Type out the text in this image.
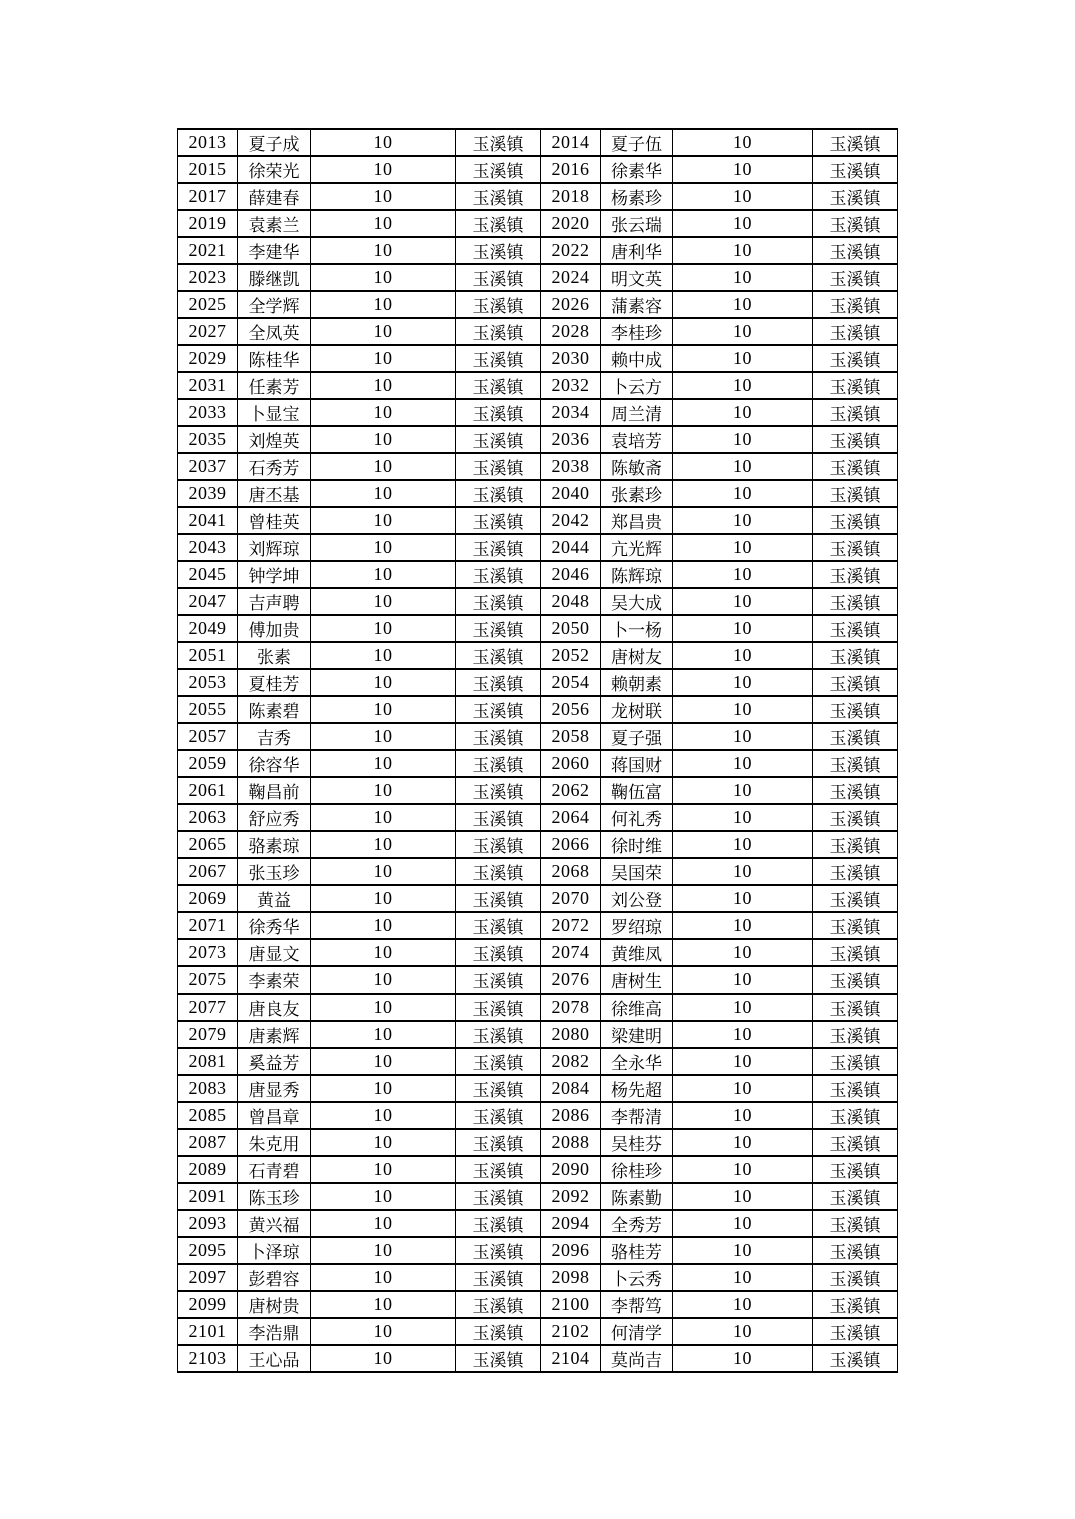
2013	夏子成	10	玉溪镇	2014	夏子伍	10	玉溪镇
2015	徐荣光	10	玉溪镇	2016	徐素华	10	玉溪镇
2017	薛建春	10	玉溪镇	2018	杨素珍	10	玉溪镇
2019	袁素兰	10	玉溪镇	2020	张云瑞	10	玉溪镇
2021	李建华	10	玉溪镇	2022	唐利华	10	玉溪镇
2023	滕继凯	10	玉溪镇	2024	明文英	10	玉溪镇
2025	全学辉	10	玉溪镇	2026	蒲素容	10	玉溪镇
2027	全凤英	10	玉溪镇	2028	李桂珍	10	玉溪镇
2029	陈桂华	10	玉溪镇	2030	赖中成	10	玉溪镇
2031	任素芳	10	玉溪镇	2032	卜云方	10	玉溪镇
2033	卜显宝	10	玉溪镇	2034	周兰清	10	玉溪镇
2035	刘煌英	10	玉溪镇	2036	袁培芳	10	玉溪镇
2037	石秀芳	10	玉溪镇	2038	陈敏斋	10	玉溪镇
2039	唐丕基	10	玉溪镇	2040	张素珍	10	玉溪镇
2041	曾桂英	10	玉溪镇	2042	郑昌贵	10	玉溪镇
2043	刘辉琼	10	玉溪镇	2044	亢光辉	10	玉溪镇
2045	钟学坤	10	玉溪镇	2046	陈辉琼	10	玉溪镇
2047	吉声聘	10	玉溪镇	2048	吴大成	10	玉溪镇
2049	傅加贵	10	玉溪镇	2050	卜一杨	10	玉溪镇
2051	张素	10	玉溪镇	2052	唐树友	10	玉溪镇
2053	夏桂芳	10	玉溪镇	2054	赖朝素	10	玉溪镇
2055	陈素碧	10	玉溪镇	2056	龙树联	10	玉溪镇
2057	吉秀	10	玉溪镇	2058	夏子强	10	玉溪镇
2059	徐容华	10	玉溪镇	2060	蒋国财	10	玉溪镇
2061	鞠昌前	10	玉溪镇	2062	鞠伍富	10	玉溪镇
2063	舒应秀	10	玉溪镇	2064	何礼秀	10	玉溪镇
2065	骆素琼	10	玉溪镇	2066	徐时维	10	玉溪镇
2067	张玉珍	10	玉溪镇	2068	吴国荣	10	玉溪镇
2069	黄益	10	玉溪镇	2070	刘公登	10	玉溪镇
2071	徐秀华	10	玉溪镇	2072	罗绍琼	10	玉溪镇
2073	唐显文	10	玉溪镇	2074	黄维凤	10	玉溪镇
2075	李素荣	10	玉溪镇	2076	唐树生	10	玉溪镇
2077	唐良友	10	玉溪镇	2078	徐维高	10	玉溪镇
2079	唐素辉	10	玉溪镇	2080	梁建明	10	玉溪镇
2081	奚益芳	10	玉溪镇	2082	全永华	10	玉溪镇
2083	唐显秀	10	玉溪镇	2084	杨先超	10	玉溪镇
2085	曾昌章	10	玉溪镇	2086	李帮清	10	玉溪镇
2087	朱克用	10	玉溪镇	2088	吴桂芬	10	玉溪镇
2089	石青碧	10	玉溪镇	2090	徐桂珍	10	玉溪镇
2091	陈玉珍	10	玉溪镇	2092	陈素勤	10	玉溪镇
2093	黄兴福	10	玉溪镇	2094	全秀芳	10	玉溪镇
2095	卜泽琼	10	玉溪镇	2096	骆桂芳	10	玉溪镇
2097	彭碧容	10	玉溪镇	2098	卜云秀	10	玉溪镇
2099	唐树贵	10	玉溪镇	2100	李帮笃	10	玉溪镇
2101	李浩鼎	10	玉溪镇	2102	何清学	10	玉溪镇
2103	王心品	10	玉溪镇	2104	莫尚吉	10	玉溪镇
